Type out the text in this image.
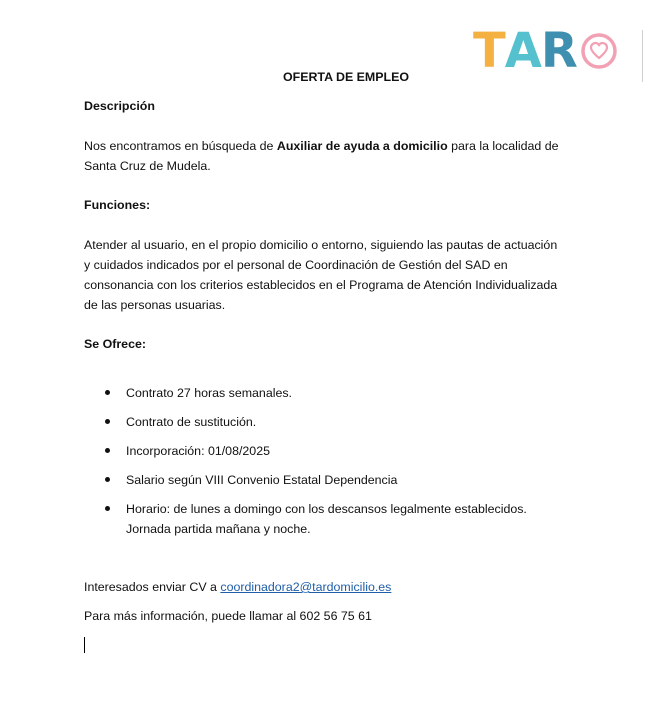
T A R
OFERTA DE EMPLEO
Descripción
Nos encontramos en búsqueda de Auxiliar de ayuda a domicilio para la localidad de
Santa Cruz de Mudela.
Funciones:
Atender al usuario, en el propio domicilio o entorno, siguiendo las pautas de actuación
y cuidados indicados por el personal de Coordinación de Gestión del SAD en
consonancia con los criterios establecidos en el Programa de Atención Individualizada
de las personas usuarias.
Se Ofrece:
Contrato 27 horas semanales.
Contrato de sustitución.
Incorporación: 01/08/2025
Salario según VIII Convenio Estatal Dependencia
Horario: de lunes a domingo con los descansos legalmente establecidos.
Jornada partida mañana y noche.
Interesados enviar CV a coordinadora2@tardomicilio.es
Para más información, puede llamar al 602 56 75 61
